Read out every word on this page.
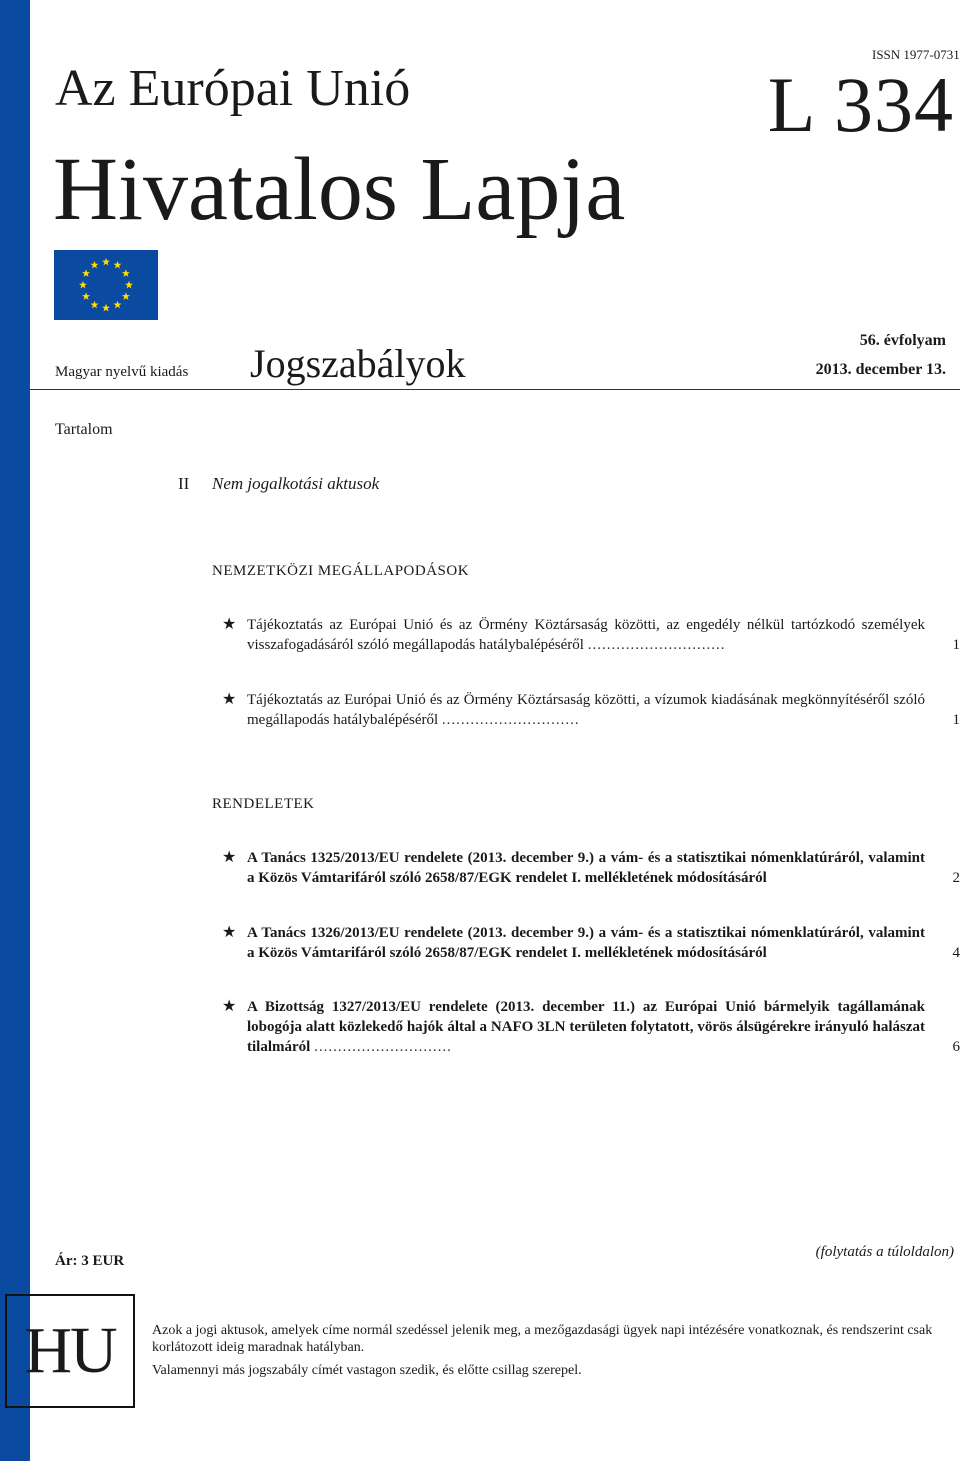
ISSN 1977-0731
L 334
Az Európai Unió
Hivatalos Lapja
Magyar nyelvű kiadás Jogszabályok
56. évfolyam
2013. december 13.
Tartalom
II Nem jogalkotási aktusok
NEMZETKÖZI MEGÁLLAPODÁSOK
★ Tájékoztatás az Európai Unió és az Örmény Köztársaság közötti, az engedély nélkül tartózkodó személyek visszafogadásáról szóló megállapodás hatálybalépéséről .............................	1
★ Tájékoztatás az Európai Unió és az Örmény Köztársaság közötti, a vízumok kiadásának megkönnyítéséről szóló megállapodás hatálybalépéséről .............................	1
RENDELETEK
★ A Tanács 1325/2013/EU rendelete (2013. december 9.) a vám- és a statisztikai nómenklatúráról, valamint a Közös Vámtarifáról szóló 2658/87/EGK rendelet I. mellékletének módosításáról	2
★ A Tanács 1326/2013/EU rendelete (2013. december 9.) a vám- és a statisztikai nómenklatúráról, valamint a Közös Vámtarifáról szóló 2658/87/EGK rendelet I. mellékletének módosításáról	4
★ A Bizottság 1327/2013/EU rendelete (2013. december 11.) az Európai Unió bármelyik tagállamának lobogója alatt közlekedő hajók által a NAFO 3LN területen folytatott, vörös álsügérekre irányuló halászat tilalmáról .............................	6
Ár: 3 EUR
(folytatás a túloldalon)
HU	Azok a jogi aktusok, amelyek címe normál szedéssel jelenik meg, a mezőgazdasági ügyek napi intézésére vonatkoznak, és rendszerint csak korlátozott ideig maradnak hatályban.
Valamennyi más jogszabály címét vastagon szedik, és előtte csillag szerepel.
